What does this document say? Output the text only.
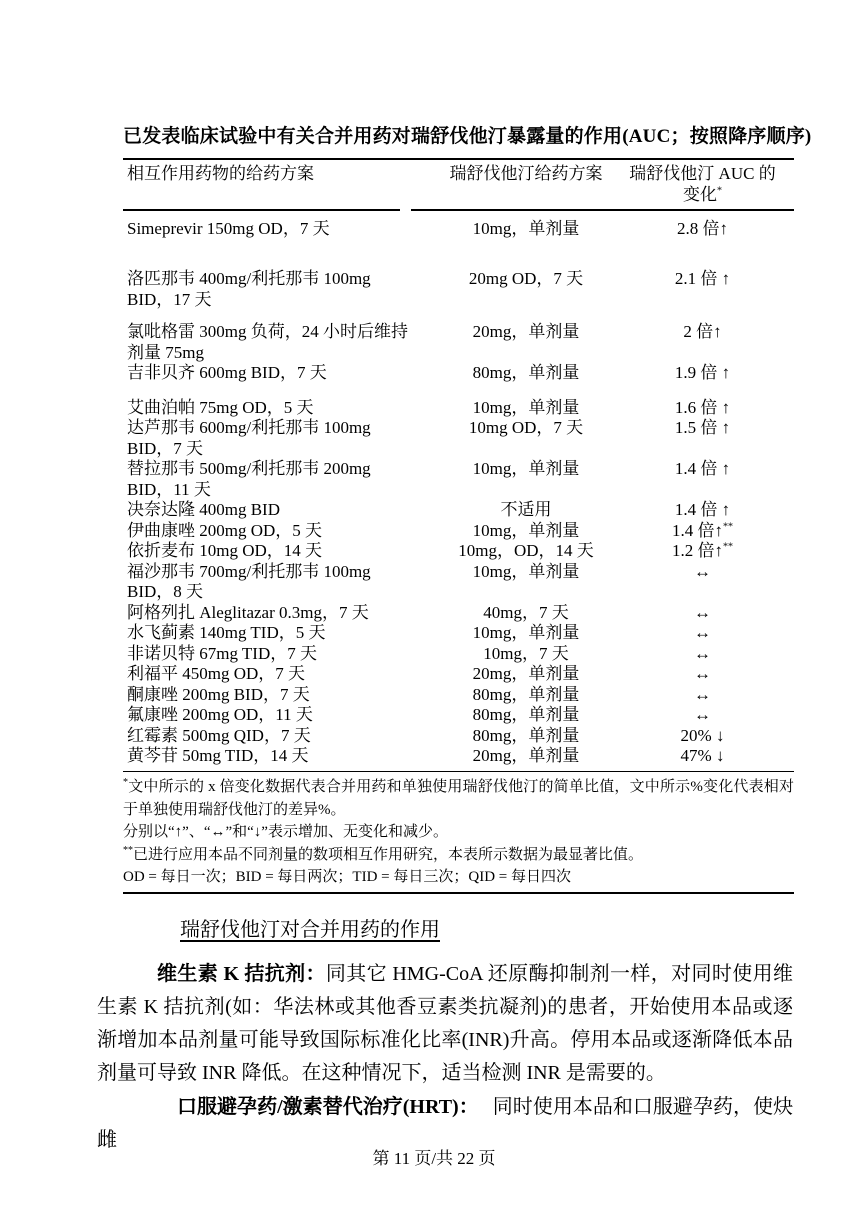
已发表临床试验中有关合并用药对瑞舒伐他汀暴露量的作用(AUC；按照降序顺序)
相互作用药物的给药方案	瑞舒伐他汀给药方案	瑞舒伐他汀 AUC 的
变化*
Simeprevir 150mg OD，7 天	10mg，单剂量	2.8 倍↑
洛匹那韦 400mg/利托那韦 100mg
BID，17 天
20mg OD，7 天	2.1 倍 ↑
氯吡格雷 300mg 负荷，24 小时后维持
剂量 75mg
20mg，单剂量	2 倍↑
吉非贝齐 600mg BID，7 天	80mg，单剂量	1.9 倍 ↑
艾曲泊帕 75mg OD，5 天	10mg，单剂量	1.6 倍 ↑
达芦那韦 600mg/利托那韦 100mg
BID，7 天
10mg OD，7 天	1.5 倍 ↑
替拉那韦 500mg/利托那韦 200mg
BID，11 天
10mg，单剂量	1.4 倍 ↑
决奈达隆 400mg BID	不适用	1.4 倍 ↑
伊曲康唑 200mg OD，5 天	10mg，单剂量	1.4 倍↑**
依折麦布 10mg OD，14 天	10mg，OD，14 天	1.2 倍↑**
福沙那韦 700mg/利托那韦 100mg
BID，8 天
10mg，单剂量	↔
阿格列扎 Aleglitazar 0.3mg，7 天	40mg，7 天	↔
水飞蓟素 140mg TID，5 天	10mg，单剂量	↔
非诺贝特 67mg TID，7 天	10mg，7 天	↔
利福平 450mg OD，7 天	20mg，单剂量	↔
酮康唑 200mg BID，7 天	80mg，单剂量	↔
氟康唑 200mg OD，11 天	80mg，单剂量	↔
红霉素 500mg QID，7 天	80mg，单剂量	20% ↓
黄芩苷 50mg TID，14 天	20mg，单剂量	47% ↓
*文中所示的 x 倍变化数据代表合并用药和单独使用瑞舒伐他汀的简单比值，文中所示%变化代表相对于单独使用瑞舒伐他汀的差异%。
分别以“↑”、“↔”和“↓”表示增加、无变化和减少。
**已进行应用本品不同剂量的数项相互作用研究，本表所示数据为最显著比值。
OD = 每日一次；BID = 每日两次；TID = 每日三次；QID = 每日四次
瑞舒伐他汀对合并用药的作用

维生素 K 拮抗剂：同其它 HMG-CoA 还原酶抑制剂一样，对同时使用维生素 K 拮抗剂(如：华法林或其他香豆素类抗凝剂)的患者，开始使用本品或逐渐增加本品剂量可能导致国际标准化比率(INR)升高。停用本品或逐渐降低本品剂量可导致 INR 降低。在这种情况下，适当检测 INR 是需要的。

口服避孕药/激素替代治疗(HRT)： 同时使用本品和口服避孕药，使炔雌

第 11 页/共 22 页
